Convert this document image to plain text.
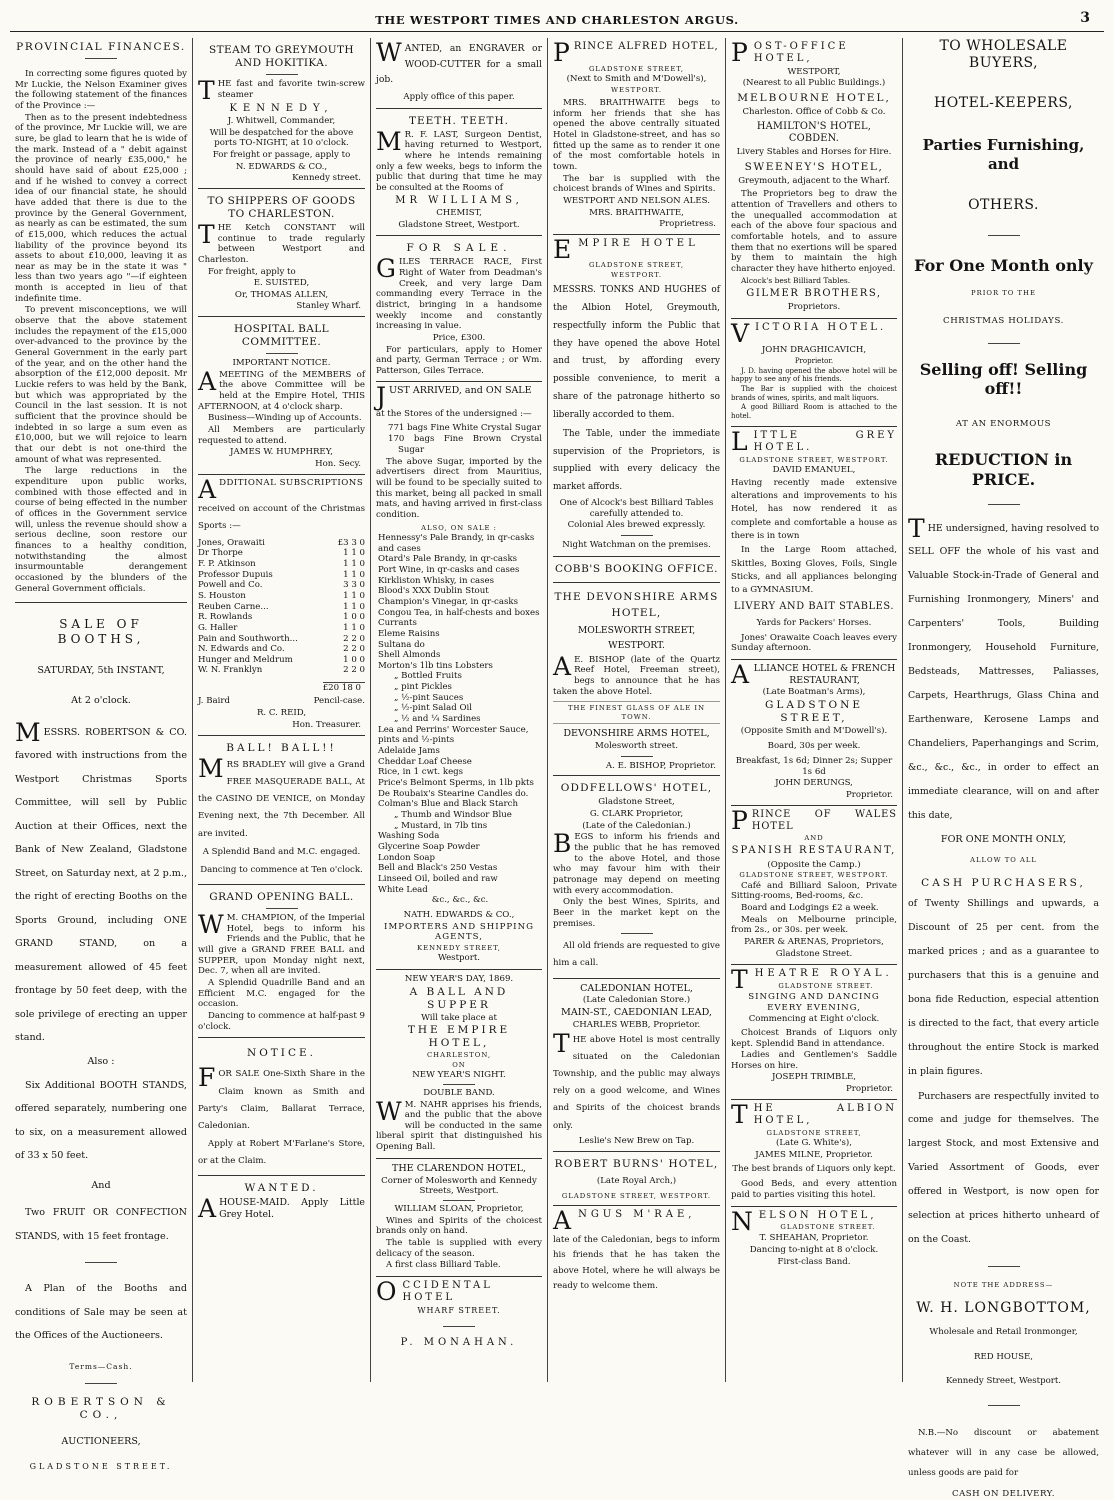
THE WESTPORT TIMES AND CHARLESTON ARGUS.	3
PROVINCIAL FINANCES.
In correcting some figures quoted by Mr Luckie, the Nelson Examiner gives the following statement of the finances of the Province :—
Then as to the present indebtedness of the province, Mr Luckie will, we are sure, be glad to learn that he is wide of the mark. Instead of a " debit against the province of nearly £35,000," he should have said of about £25,000 ; and if he wished to convey a correct idea of our financial state, he should have added that there is due to the province by the General Government, as nearly as can be estimated, the sum of £15,000, which reduces the actual liability of the province beyond its assets to about £10,000, leaving it as near as may be in the state it was " less than two years ago "—if eighteen month is accepted in lieu of that indefinite time.
To prevent misconceptions, we will observe that the above statement includes the repayment of the £15,000 over-advanced to the province by the General Government in the early part of the year, and on the other hand the absorption of the £12,000 deposit. Mr Luckie refers to was held by the Bank, but which was appropriated by the Council in the last session. It is not sufficient that the province should be indebted in so large a sum even as £10,000, but we will rejoice to learn that our debt is not one-third the amount of what was represented.
The large reductions in the expenditure upon public works, combined with those effected and in course of being effected in the number of offices in the Government service will, unless the revenue should show a serious decline, soon restore our finances to a healthy condition, notwithstanding the almost insurmountable derangement occasioned by the blunders of the General Government officials.
SALE OF BOOTHS,
SATURDAY, 5th INSTANT,
At 2 o'clock.
MESSRS. ROBERTSON & CO. favored with instructions from the Westport Christmas Sports Committee, will sell by Public Auction at their Offices, next the Bank of New Zealand, Gladstone Street, on Saturday next, at 2 p.m., the right of erecting Booths on the Sports Ground, including ONE GRAND STAND, on a measurement allowed of 45 feet frontage by 50 feet deep, with the sole privilege of erecting an upper stand.
Also :
Six Additional BOOTH STANDS, offered separately, numbering one to six, on a measurement allowed of 33 x 50 feet.
And
Two FRUIT OR CONFECTION STANDS, with 15 feet frontage.
A Plan of the Booths and conditions of Sale may be seen at the Offices of the Auctioneers.
Terms—Cash.
ROBERTSON & CO.,
AUCTIONEERS,
GLADSTONE STREET.
STEAM TO GREYMOUTH AND HOKITIKA.
THE fast and favorite twin-screw steamer
KENNEDY,
J. Whitwell, Commander,
Will be despatched for the above ports TO-NIGHT, at 10 o'clock.
For freight or passage, apply to
N. EDWARDS & CO.,
Kennedy street.
TO SHIPPERS OF GOODS TO CHARLESTON.
THE Ketch CONSTANT will continue to trade regularly between Westport and Charleston.
For freight, apply to
E. SUISTED,
Or, THOMAS ALLEN,
Stanley Wharf.
HOSPITAL BALL COMMITTEE.
IMPORTANT NOTICE.
AMEETING of the MEMBERS of the above Committee will be held at the Empire Hotel, THIS AFTERNOON, at 4 o'clock sharp.
Business—Winding up of Accounts.
All Members are particularly requested to attend.
JAMES W. HUMPHREY,
Hon. Secy.
ADDITIONAL SUBSCRIPTIONS
received on account of the Christmas Sports :—
Jones, Orawaiti	£3 3 0
Dr Thorpe	1 1 0
F. P. Atkinson	1 1 0
Professor Dupuis	1 1 0
Powell and Co.	3 3 0
S. Houston	1 1 0
Reuben Carne...	1 1 0
R. Rowlands	1 0 0
G. Haller	1 1 0
Pain and Southworth...	2 2 0
N. Edwards and Co.	2 2 0
Hunger and Meldrum	1 0 0
W. N. Franklyn	2 2 0
£20 18 0
J. Baird	Pencil-case.
R. C. REID,
Hon. Treasurer.
BALL! BALL!!
MRS BRADLEY will give a Grand FREE MASQUERADE BALL, At the CASINO DE VENICE, on Monday Evening next, the 7th December. All are invited.
A Splendid Band and M.C. engaged.
Dancing to commence at Ten o'clock.
GRAND OPENING BALL.
W M. CHAMPION, of the Imperial Hotel, begs to inform his Friends and the Public, that he will give a GRAND FREE BALL and SUPPER, upon Monday night next, Dec. 7, when all are invited.
A Splendid Quadrille Band and an Efficient M.C. engaged for the occasion.
Dancing to commence at half-past 9 o'clock.
NOTICE.
FOR SALE One-Sixth Share in the Claim known as Smith and Party's Claim, Ballarat Terrace, Caledonian.
Apply at Robert M'Farlane's Store, or at the Claim.
WANTED.
AHOUSE-MAID. Apply Little Grey Hotel.
WANTED, an ENGRAVER or WOOD-CUTTER for a small job.
Apply office of this paper.
TEETH. TEETH.
M R. F. LAST, Surgeon Dentist, having returned to Westport, where he intends remaining only a few weeks, begs to inform the public that during that time he may be consulted at the Rooms of
MR WILLIAMS,
CHEMIST,
Gladstone Street, Westport.
FOR SALE.
GILES TERRACE RACE, First Right of Water from Deadman's Creek, and very large Dam commanding every Terrace in the district, bringing in a handsome weekly income and constantly increasing in value.
Price, £300.
For particulars, apply to Homer and party, German Terrace ; or Wm. Patterson, Giles Terrace.
JUST ARRIVED, and ON SALE
at the Stores of the undersigned :—
771 bags Fine White Crystal Sugar
170 bags Fine Brown Crystal Sugar
The above Sugar, imported by the advertisers direct from Mauritius, will be found to be specially suited to this market, being all packed in small mats, and having arrived in first-class condition.
ALSO, ON SALE :
Hennessy's Pale Brandy, in qr-casks and cases
Otard's Pale Brandy, in qr-casks
Port Wine, in qr-casks and cases
Kirkliston Whisky, in cases
Blood's XXX Dublin Stout
Champion's Vinegar, in qr-casks
Congou Tea, in half-chests and boxes
Currants
Eleme Raisins
Sultana do
Shell Almonds
Morton's 1lb tins Lobsters
„ Bottled Fruits
„ pint Pickles
„ ½-pint Sauces
„ ½-pint Salad Oil
„ ½ and ¼ Sardines
Lea and Perrins' Worcester Sauce, pints and ½-pints
Adelaide Jams
Cheddar Loaf Cheese
Rice, in 1 cwt. kegs
Price's Belmont Sperms, in 1lb pkts
De Roubaix's Stearine Candles do.
Colman's Blue and Black Starch
„ Thumb and Windsor Blue
„ Mustard, in 7lb tins
Washing Soda
Glycerine Soap Powder
London Soap
Bell and Black's 250 Vestas
Linseed Oil, boiled and raw
White Lead
&c., &c., &c.
NATH. EDWARDS & CO.,
IMPORTERS AND SHIPPING AGENTS,
KENNEDY STREET,
Westport.
NEW YEAR'S DAY, 1869.
A BALL AND SUPPER
Will take place at
THE EMPIRE HOTEL,
CHARLESTON,
ON
NEW YEAR'S NIGHT.
DOUBLE BAND.
W M. NAHR apprises his friends, and the public that the above will be conducted in the same liberal spirit that distinguished his Opening Ball.
THE CLARENDON HOTEL,
Corner of Molesworth and Kennedy Streets, Westport.
WILLIAM SLOAN, Proprietor,
Wines and Spirits of the choicest brands only on hand.
The table is supplied with every delicacy of the season.
A first class Billiard Table.
OCCIDENTAL HOTEL
WHARF STREET.
P. MONAHAN.
PRINCE ALFRED HOTEL,
GLADSTONE STREET,
(Next to Smith and M'Dowell's),
WESTPORT.
MRS. BRAITHWAITE begs to inform her friends that she has opened the above centrally situated Hotel in Gladstone-street, and has so fitted up the same as to render it one of the most comfortable hotels in town.
The bar is supplied with the choicest brands of Wines and Spirits.
WESTPORT AND NELSON ALES.
MRS. BRAITHWAITE,
Proprietress.
EMPIRE HOTEL
GLADSTONE STREET,
WESTPORT.
MESSRS. TONKS AND HUGHES of the Albion Hotel, Greymouth, respectfully inform the Public that they have opened the above Hotel and trust, by affording every possible convenience, to merit a share of the patronage hitherto so liberally accorded to them.
The Table, under the immediate supervision of the Proprietors, is supplied with every delicacy the market affords.
One of Alcock's best Billiard Tables carefully attended to.
Colonial Ales brewed expressly.
Night Watchman on the premises.
COBB'S BOOKING OFFICE.
THE DEVONSHIRE ARMS HOTEL,
MOLESWORTH STREET, WESTPORT.
A E. BISHOP (late of the Quartz Reef Hotel, Freeman street), begs to announce that he has taken the above Hotel.
THE FINEST GLASS OF ALE IN TOWN.
DEVONSHIRE ARMS HOTEL,
Molesworth street.
A. E. BISHOP, Proprietor.
ODDFELLOWS' HOTEL,
Gladstone Street,
G. CLARK Proprietor,
(Late of the Caledonian.)
BEGS to inform his friends and the public that he has removed to the above Hotel, and those who may favour him with their patronage may depend on meeting with every accommodation.
Only the best Wines, Spirits, and Beer in the market kept on the premises.
All old friends are requested to give him a call.
CALEDONIAN HOTEL,
(Late Caledonian Store.)
MAIN-ST., CAEDONIAN LEAD,
CHARLES WEBB, Proprietor.
THE above Hotel is most centrally situated on the Caledonian Township, and the public may always rely on a good welcome, and Wines and Spirits of the choicest brands only.
Leslie's New Brew on Tap.
ROBERT BURNS' HOTEL,
(Late Royal Arch,)
GLADSTONE STREET, WESTPORT.
ANGUS M'RAE,
late of the Caledonian, begs to inform his friends that he has taken the above Hotel, where he will always be ready to welcome them.
POST-OFFICE HOTEL,
WESTPORT,
(Nearest to all Public Buildings.)
MELBOURNE HOTEL,
Charleston. Office of Cobb & Co.
HAMILTON'S HOTEL, COBDEN.
Livery Stables and Horses for Hire.
SWEENEY'S HOTEL,
Greymouth, adjacent to the Wharf.
The Proprietors beg to draw the attention of Travellers and others to the unequalled accommodation at each of the above four spacious and comfortable hotels, and to assure them that no exertions will be spared by them to maintain the high character they have hitherto enjoyed.
Alcock's best Billiard Tables.
GILMER BROTHERS,
Proprietors.
VICTORIA HOTEL.
JOHN DRAGHICAVICH,
Proprietor.
J. D. having opened the above hotel will be happy to see any of his friends.
The Bar is supplied with the choicest brands of wines, spirits, and malt liquors.
A good Billiard Room is attached to the hotel.
LITTLE GREY HOTEL.
GLADSTONE STREET, WESTPORT.
DAVID EMANUEL,
Having recently made extensive alterations and improvements to his Hotel, has now rendered it as complete and comfortable a house as there is in town
In the Large Room attached, Skittles, Boxing Gloves, Foils, Single Sticks, and all appliances belonging to a GYMNASIUM.
LIVERY AND BAIT STABLES.
Yards for Packers' Horses.
Jones' Orawaite Coach leaves every Sunday afternoon.
ALLIANCE HOTEL & FRENCH RESTAURANT,
(Late Boatman's Arms),
GLADSTONE STREET,
(Opposite Smith and M'Dowell's).
Board, 30s per week.
Breakfast, 1s 6d; Dinner 2s; Supper 1s 6d
JOHN DERUNGS,
Proprietor.
PRINCE OF WALES HOTEL
AND
SPANISH RESTAURANT,
(Opposite the Camp.)
GLADSTONE STREET, WESTPORT.
Café and Billiard Saloon, Private Sitting-rooms, Bed-rooms, &c.
Board and Lodgings £2 a week.
Meals on Melbourne principle, from 2s., or 30s. per week.
PARER & ARENAS, Proprietors,
Gladstone Street.
THEATRE ROYAL.
GLADSTONE STREET.
SINGING AND DANCING EVERY EVENING,
Commencing at Eight o'clock.
Choicest Brands of Liquors only kept. Splendid Band in attendance.
Ladies and Gentlemen's Saddle Horses on hire.
JOSEPH TRIMBLE,
Proprietor.
THE ALBION HOTEL,
GLADSTONE STREET,
(Late G. White's),
JAMES MILNE, Proprietor.
The best brands of Liquors only kept.
Good Beds, and every attention paid to parties visiting this hotel.
NELSON HOTEL,
GLADSTONE STREET.
T. SHEAHAN, Proprietor.
Dancing to-night at 8 o'clock.
First-class Band.
TO WHOLESALE BUYERS,
HOTEL-KEEPERS,
Parties Furnishing, and
OTHERS.
For One Month only
PRIOR TO THE
CHRISTMAS HOLIDAYS.
Selling off! Selling off!!
AT AN ENORMOUS
REDUCTION in PRICE.
THE undersigned, having resolved to SELL OFF the whole of his vast and Valuable Stock-in-Trade of General and Furnishing Ironmongery, Miners' and Carpenters' Tools, Building Ironmongery, Household Furniture, Bedsteads, Mattresses, Paliasses, Carpets, Hearthrugs, Glass China and Earthenware, Kerosene Lamps and Chandeliers, Paperhangings and Scrim, &c., &c., &c., in order to effect an immediate clearance, will on and after this date,
FOR ONE MONTH ONLY,
ALLOW TO ALL
CASH PURCHASERS,
of Twenty Shillings and upwards, a Discount of 25 per cent. from the marked prices ; and as a guarantee to purchasers that this is a genuine and bona fide Reduction, especial attention is directed to the fact, that every article throughout the entire Stock is marked in plain figures.
Purchasers are respectfully invited to come and judge for themselves. The largest Stock, and most Extensive and Varied Assortment of Goods, ever offered in Westport, is now open for selection at prices hitherto unheard of on the Coast.
NOTE THE ADDRESS—
W. H. LONGBOTTOM,
Wholesale and Retail Ironmonger,
RED HOUSE,
Kennedy Street, Westport.
N.B.—No discount or abatement whatever will in any case be allowed, unless goods are paid for
CASH ON DELIVERY.
